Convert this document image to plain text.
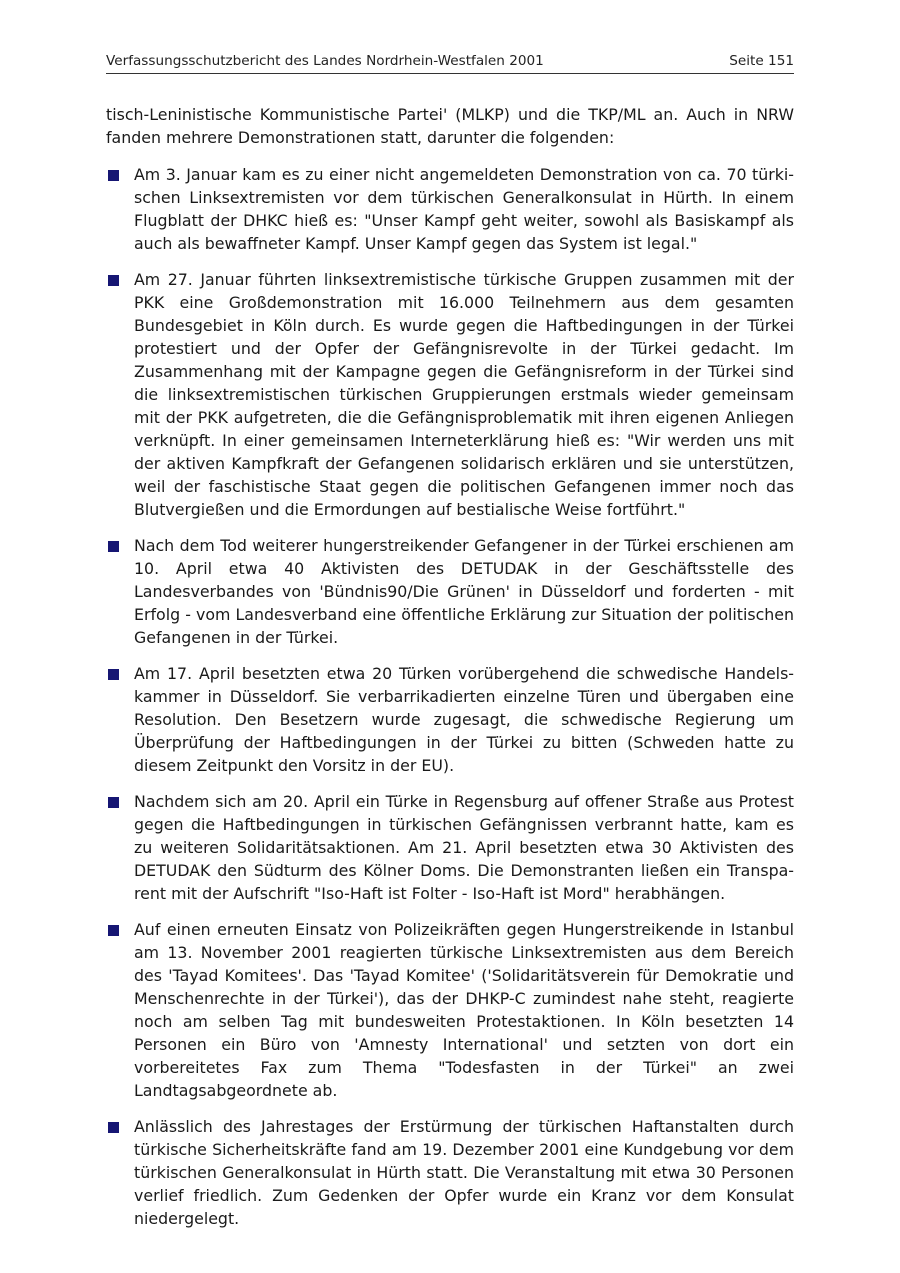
Verfassungsschutzbericht des Landes Nordrhein-Westfalen 2001	Seite 151

tisch-Leninistische Kommunistische Partei' (MLKP) und die TKP/ML an. Auch in NRW fanden mehrere Demonstrationen statt, darunter die folgenden:

Am 3. Januar kam es zu einer nicht angemeldeten Demonstration von ca. 70 türkischen Linksextremisten vor dem türkischen Generalkonsulat in Hürth. In einem Flugblatt der DHKC hieß es: "Unser Kampf geht weiter, sowohl als Basiskampf als auch als bewaffneter Kampf. Unser Kampf gegen das System ist legal."
Am 27. Januar führten linksextremistische türkische Gruppen zusammen mit der PKK eine Großdemonstration mit 16.000 Teilnehmern aus dem gesamten Bundesgebiet in Köln durch. Es wurde gegen die Haftbedingungen in der Türkei protestiert und der Opfer der Gefängnisrevolte in der Türkei gedacht. Im Zusammenhang mit der Kampagne gegen die Gefängnisreform in der Türkei sind die linksextremistischen türkischen Gruppierungen erstmals wieder gemeinsam mit der PKK aufgetreten, die die Gefängnisproblematik mit ihren eigenen Anliegen verknüpft. In einer gemeinsamen Interneterklärung hieß es: "Wir werden uns mit der aktiven Kampfkraft der Gefangenen solidarisch erklären und sie unterstützen, weil der faschistische Staat gegen die politischen Gefangenen immer noch das Blutvergießen und die Ermordungen auf bestialische Weise fortführt."
Nach dem Tod weiterer hungerstreikender Gefangener in der Türkei erschienen am 10. April etwa 40 Aktivisten des DETUDAK in der Geschäftsstelle des Landesverbandes von 'Bündnis90/Die Grünen' in Düsseldorf und forderten - mit Erfolg - vom Landesverband eine öffentliche Erklärung zur Situation der politischen Gefangenen in der Türkei.
Am 17. April besetzten etwa 20 Türken vorübergehend die schwedische Handelskammer in Düsseldorf. Sie verbarrikadierten einzelne Türen und übergaben eine Resolution. Den Besetzern wurde zugesagt, die schwedische Regierung um Überprüfung der Haftbedingungen in der Türkei zu bitten (Schweden hatte zu diesem Zeitpunkt den Vorsitz in der EU).
Nachdem sich am 20. April ein Türke in Regensburg auf offener Straße aus Protest gegen die Haftbedingungen in türkischen Gefängnissen verbrannt hatte, kam es zu weiteren Solidaritätsaktionen. Am 21. April besetzten etwa 30 Aktivisten des DETUDAK den Südturm des Kölner Doms. Die Demonstranten ließen ein Transparent mit der Aufschrift "Iso-Haft ist Folter - Iso-Haft ist Mord" herabhängen.
Auf einen erneuten Einsatz von Polizeikräften gegen Hungerstreikende in Istanbul am 13. November 2001 reagierten türkische Linksextremisten aus dem Bereich des 'Tayad Komitees'. Das 'Tayad Komitee' ('Solidaritätsverein für Demokratie und Menschenrechte in der Türkei'), das der DHKP-C zumindest nahe steht, reagierte noch am selben Tag mit bundesweiten Protestaktionen. In Köln besetzten 14 Personen ein Büro von 'Amnesty International' und setzten von dort ein vorbereitetes Fax zum Thema "Todesfasten in der Türkei" an zwei Landtagsabgeordnete ab.
Anlässlich des Jahrestages der Erstürmung der türkischen Haftanstalten durch türkische Sicherheitskräfte fand am 19. Dezember 2001 eine Kundgebung vor dem türkischen Generalkonsulat in Hürth statt. Die Veranstaltung mit etwa 30 Personen verlief friedlich. Zum Gedenken der Opfer wurde ein Kranz vor dem Konsulat niedergelegt.
